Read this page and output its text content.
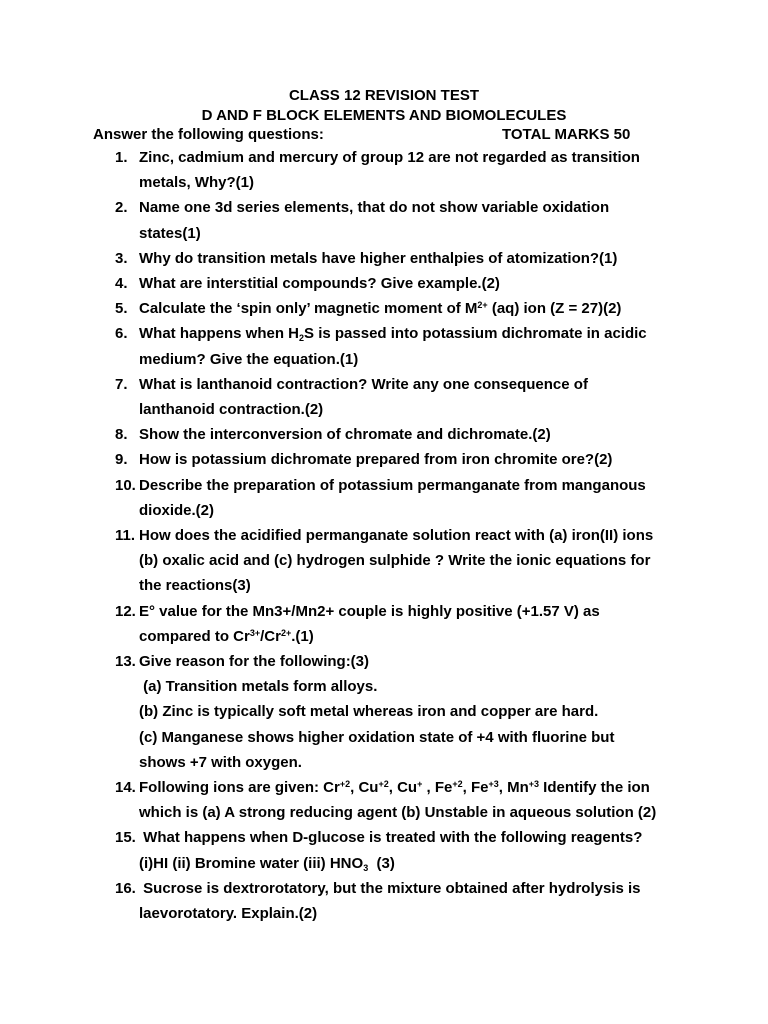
CLASS 12 REVISION TEST
D AND F BLOCK ELEMENTS AND BIOMOLECULES
Answer the following questions:	TOTAL MARKS 50
1. Zinc, cadmium and mercury of group 12 are not regarded as transition
metals, Why?(1)
2. Name one 3d series elements, that do not show variable oxidation
states(1)
3. Why do transition metals have higher enthalpies of atomization?(1)
4. What are interstitial compounds? Give example.(2)
5. Calculate the ‘spin only’ magnetic moment of $M^{2+}$ (aq) ion (Z = 27)(2)
6. What happens when $H_2S$ is passed into potassium dichromate in acidic
medium? Give the equation.(1)
7. What is lanthanoid contraction? Write any one consequence of
lanthanoid contraction.(2)
8. Show the interconversion of chromate and dichromate.(2)
9. How is potassium dichromate prepared from iron chromite ore?(2)
10. Describe the preparation of potassium permanganate from manganous
dioxide.(2)
11. How does the acidified permanganate solution react with (a) iron(II) ions
(b) oxalic acid and (c) hydrogen sulphide ? Write the ionic equations for
the reactions(3)
12. E° value for the Mn3+/Mn2+ couple is highly positive (+1.57 V) as
compared to $Cr^{3+}/Cr^{2+}.(1)$
13. Give reason for the following:(3)
(a) Transition metals form alloys.
(b) Zinc is typically soft metal whereas iron and copper are hard.
(c) Manganese shows higher oxidation state of +4 with fluorine but
shows +7 with oxygen.
14. Following ions are given: $Cr^{+2}$, $Cu^{+2}$, Cu+ , $Fe^{+2}$, $Fe^{+3}$, $Mn^{+3}$ Identify the ion
which is (a) A strong reducing agent (b) Unstable in aqueous solution (2)
15. What happens when D-glucose is treated with the following reagents?
(i)HI (ii) Bromine water (iii) $HNO_3$  (3)
16. Sucrose is dextrorotatory, but the mixture obtained after hydrolysis is
laevorotatory. Explain.(2)
